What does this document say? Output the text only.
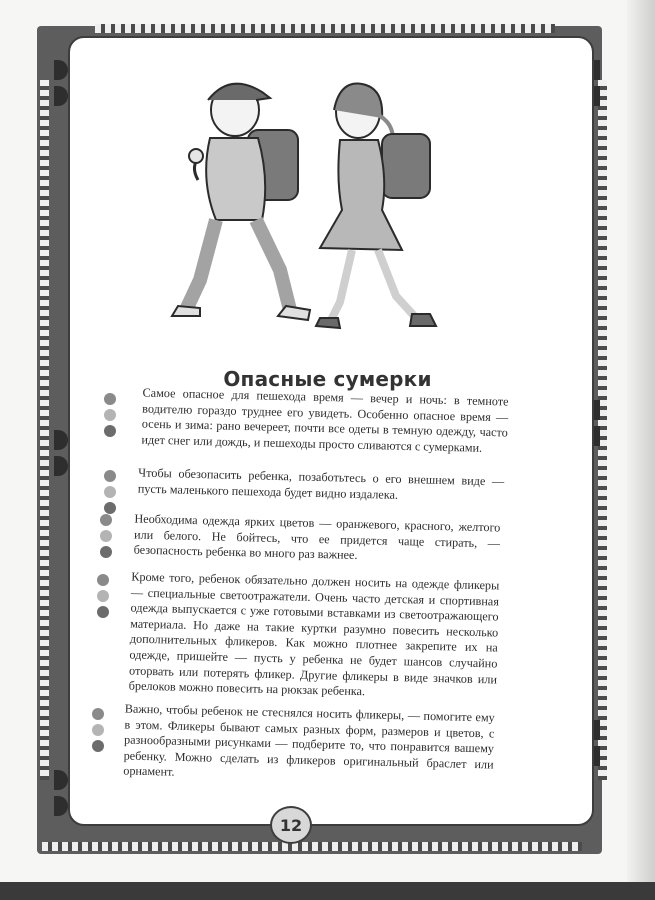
Опасные сумерки

Самое опасное для пешехода время — вечер и ночь: в темноте водителю гораздо труднее его увидеть. Особенно опасное время — осень и зима: рано вечереет, почти все одеты в темную одежду, часто идет снег или дождь, и пешеходы просто сливаются с сумерками.

Чтобы обезопасить ребенка, позаботьтесь о его внешнем виде — пусть маленького пешехода будет видно издалека.

Необходима одежда ярких цветов — оранжевого, красного, желтого или белого. Не бойтесь, что ее придется чаще стирать, — безопасность ребенка во много раз важнее.

Кроме того, ребенок обязательно должен носить на одежде фликеры — специальные светоотражатели. Очень часто детская и спортивная одежда выпускается с уже готовыми вставками из светоотражающего материала. Но даже на такие куртки разумно повесить несколько дополнительных фликеров. Как можно плотнее закрепите их на одежде, пришейте — пусть у ребенка не будет шансов случайно оторвать или потерять фликер. Другие фликеры в виде значков или брелоков можно повесить на рюкзак ребенка.

Важно, чтобы ребенок не стеснялся носить фликеры, — помогите ему в этом. Фликеры бывают самых разных форм, размеров и цветов, с разнообразными рисунками — подберите то, что понравится вашему ребенку. Можно сделать из фликеров оригинальный браслет или орнамент.

12
